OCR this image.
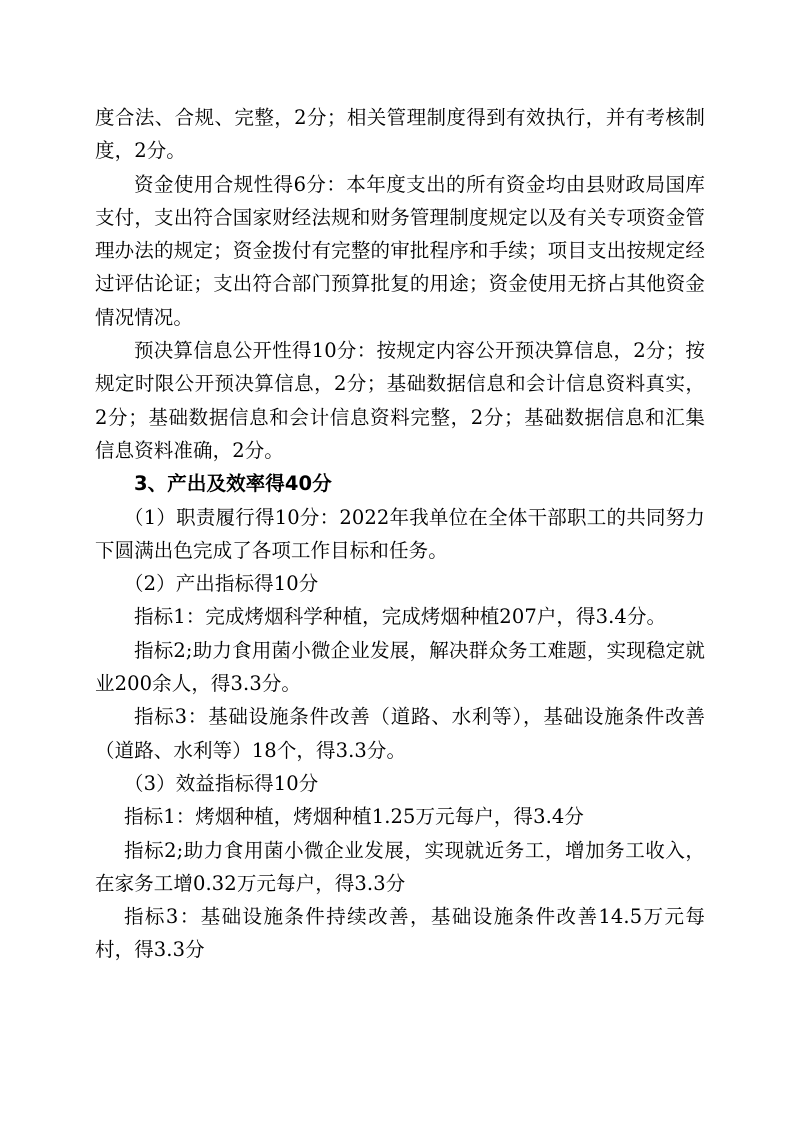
度合法、合规、完整，2分；相关管理制度得到有效执行，并有考核制度，2分。

资金使用合规性得6分：本年度支出的所有资金均由县财政局国库支付，支出符合国家财经法规和财务管理制度规定以及有关专项资金管理办法的规定；资金拨付有完整的审批程序和手续；项目支出按规定经过评估论证；支出符合部门预算批复的用途；资金使用无挤占其他资金情况情况。

预决算信息公开性得10分：按规定内容公开预决算信息，2分；按规定时限公开预决算信息，2分；基础数据信息和会计信息资料真实，2分；基础数据信息和会计信息资料完整，2分；基础数据信息和汇集信息资料准确，2分。

3、产出及效率得40分

（1）职责履行得10分：2022年我单位在全体干部职工的共同努力下圆满出色完成了各项工作目标和任务。

（2）产出指标得10分

指标1：完成烤烟科学种植，完成烤烟种植207户，得3.4分。

指标2;助力食用菌小微企业发展，解决群众务工难题，实现稳定就业200余人，得3.3分。

指标3：基础设施条件改善（道路、水利等），基础设施条件改善（道路、水利等）18个，得3.3分。

（3）效益指标得10分

指标1：烤烟种植，烤烟种植1.25万元每户，得3.4分

指标2;助力食用菌小微企业发展，实现就近务工，增加务工收入，在家务工增0.32万元每户，得3.3分

指标3：基础设施条件持续改善，基础设施条件改善14.5万元每村，得3.3分
